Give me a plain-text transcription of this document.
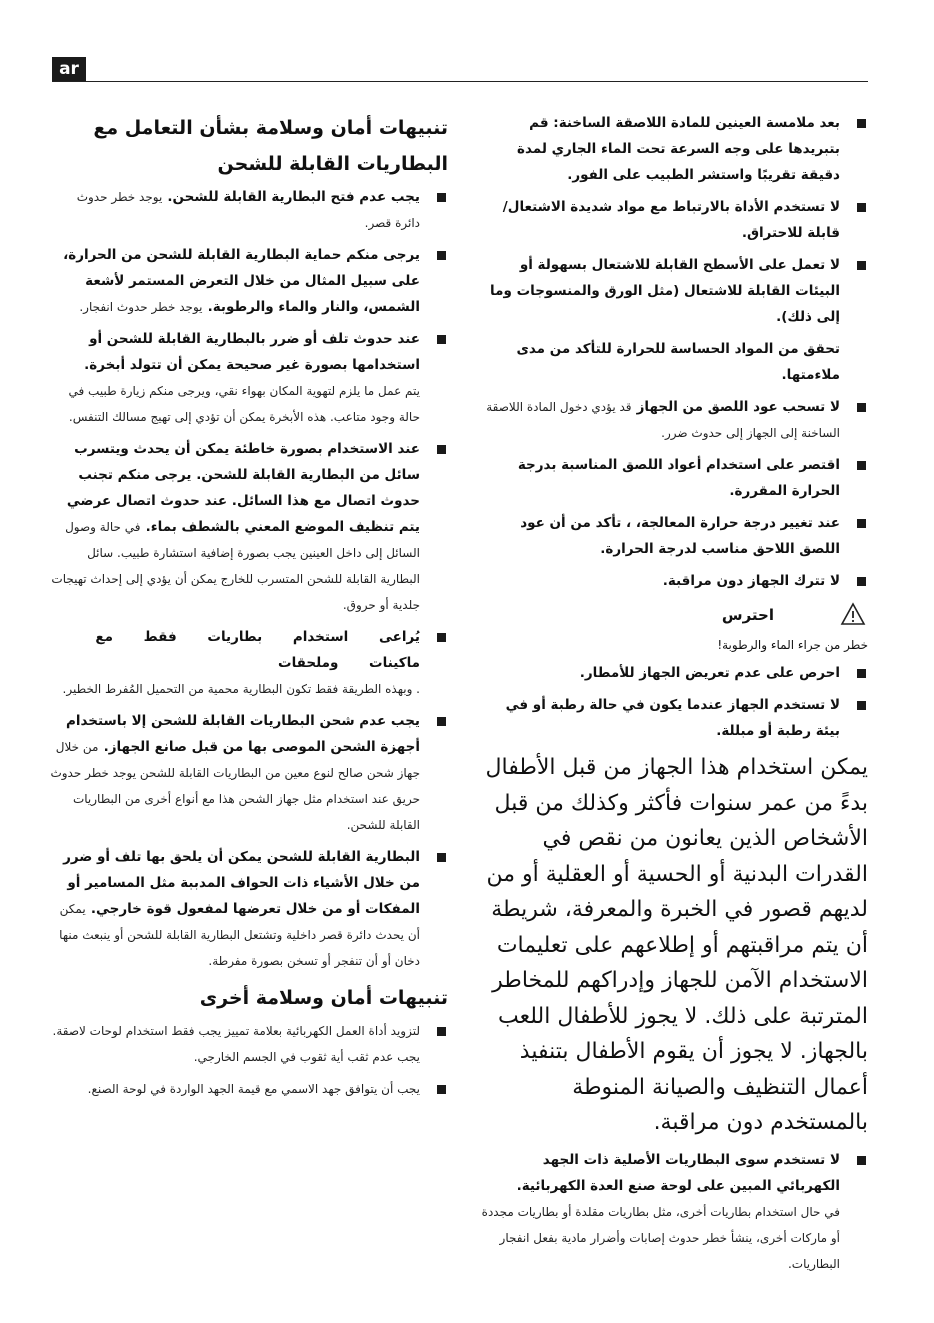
ar
بعد ملامسة العينين للمادة اللاصقة الساخنة: قم بتبريدها على وجه السرعة تحت الماء الجاري لمدة دقيقة تقريبًا واستشر الطبيب على الفور.
لا تستخدم الأداة بالارتباط مع مواد شديدة الاشتعال/ قابلة للاحتراق.
لا تعمل على الأسطح القابلة للاشتعال بسهولة أو البيئات القابلة للاشتعال (مثل الورق والمنسوجات وما إلى ذلك).
تحقق من المواد الحساسة للحرارة للتأكد من مدى ملاءمتها.
لا تسحب عود اللصق من الجهاز قد يؤدي دخول المادة اللاصقة الساخنة إلى الجهاز إلى حدوث ضرر.
اقتصر على استخدام أعواد اللصق المناسبة بدرجة الحرارة المقررة.
عند تغيير درجة حرارة المعالجة، ، تأكد من أن عود اللصق اللاحق مناسب لدرجة الحرارة.
لا تترك الجهاز دون مراقبة.
احترس
خطر من جراء الماء والرطوبة!
احرص على عدم تعريض الجهاز للأمطار.
لا تستخدم الجهاز عندما يكون في حالة رطبة أو في بيئة رطبة أو مبللة.
يمكن استخدام هذا الجهاز من قبل الأطفال بدءً من عمر سنوات فأكثر وكذلك من قبل الأشخاص الذين يعانون من نقص في القدرات البدنية أو الحسية أو العقلية أو من لديهم قصور في الخبرة والمعرفة، شريطة أن يتم مراقبتهم أو إطلاعهم على تعليمات الاستخدام الآمن للجهاز وإدراكهم للمخاطر المترتبة على ذلك. لا يجوز للأطفال اللعب بالجهاز. لا يجوز أن يقوم الأطفال بتنفيذ أعمال التنظيف والصيانة المنوطة بالمستخدم دون مراقبة.
لا تستخدم سوى البطاريات الأصلية ذات الجهد الكهربائي المبين على لوحة صنع العدة الكهربائية.
في حال استخدام بطاريات أخرى، مثل بطاريات مقلدة أو بطاريات مجددة أو ماركات أخرى، ينشأ خطر حدوث إصابات وأضرار مادية بفعل انفجار البطاريات.
تنبيهات أمان وسلامة بشأن التعامل مع البطاريات القابلة للشحن
يجب عدم فتح البطارية القابلة للشحن. يوجد خطر حدوث دائرة قصر.
يرجى منكم حماية البطارية القابلة للشحن من الحرارة، على سبيل المثال من خلال التعرض المستمر لأشعة الشمس، والنار والماء والرطوبة. يوجد خطر حدوث انفجار.
عند حدوث تلف أو ضرر بالبطارية القابلة للشحن أو استخدامها بصورة غير صحيحة يمكن أن تتولد أبخرة.
يتم عمل ما يلزم لتهوية المكان بهواء نقي، ويرجى منكم زيارة طبيب في حالة وجود متاعب. هذه الأبخرة يمكن أن تؤدي إلى تهيج مسالك التنفس.
عند الاستخدام بصورة خاطئة يمكن أن يحدث ويتسرب سائل من البطارية القابلة للشحن. يرجى منكم تجنب حدوث اتصال مع هذا السائل. عند حدوث اتصال عرضي يتم تنظيف الموضع المعني بالشطف بماء. في حالة وصول السائل إلى داخل العينين يجب بصورة إضافية استشارة طبيب. سائل البطارية القابلة للشحن المتسرب للخارج يمكن أن يؤدي إلى إحداث تهيجات جلدية أو حروق.
يُراعى استخدام بطاريات فقط مع ماكينات وملحقات
. وبهذه الطريقة فقط تكون البطارية محمية من التحميل المُفرط الخطير.
يجب عدم شحن البطاريات القابلة للشحن إلا باستخدام أجهزة الشحن الموصى بها من قبل صانع الجهاز. من خلال جهاز شحن صالح لنوع معين من البطاريات القابلة للشحن يوجد خطر حدوث حريق عند استخدام مثل جهاز الشحن هذا مع أنواع أخرى من البطاريات القابلة للشحن.
البطارية القابلة للشحن يمكن أن يلحق بها تلف أو ضرر من خلال الأشياء ذات الحواف المدببة مثل المسامير أو المفكات أو من خلال تعرضها لمفعول قوة خارجي. يمكن أن يحدث دائرة قصر داخلية وتشتعل البطارية القابلة للشحن أو ينبعث منها دخان أو أن تنفجر أو تسخن بصورة مفرطة.
تنبيهات أمان وسلامة أخرى
لتزويد أداة العمل الكهربائية بعلامة تمييز يجب فقط استخدام لوحات لاصقة. يجب عدم ثقب أية ثقوب في الجسم الخارجي.
يجب أن يتوافق جهد الاسمي مع قيمة الجهد الواردة في لوحة الصنع.
